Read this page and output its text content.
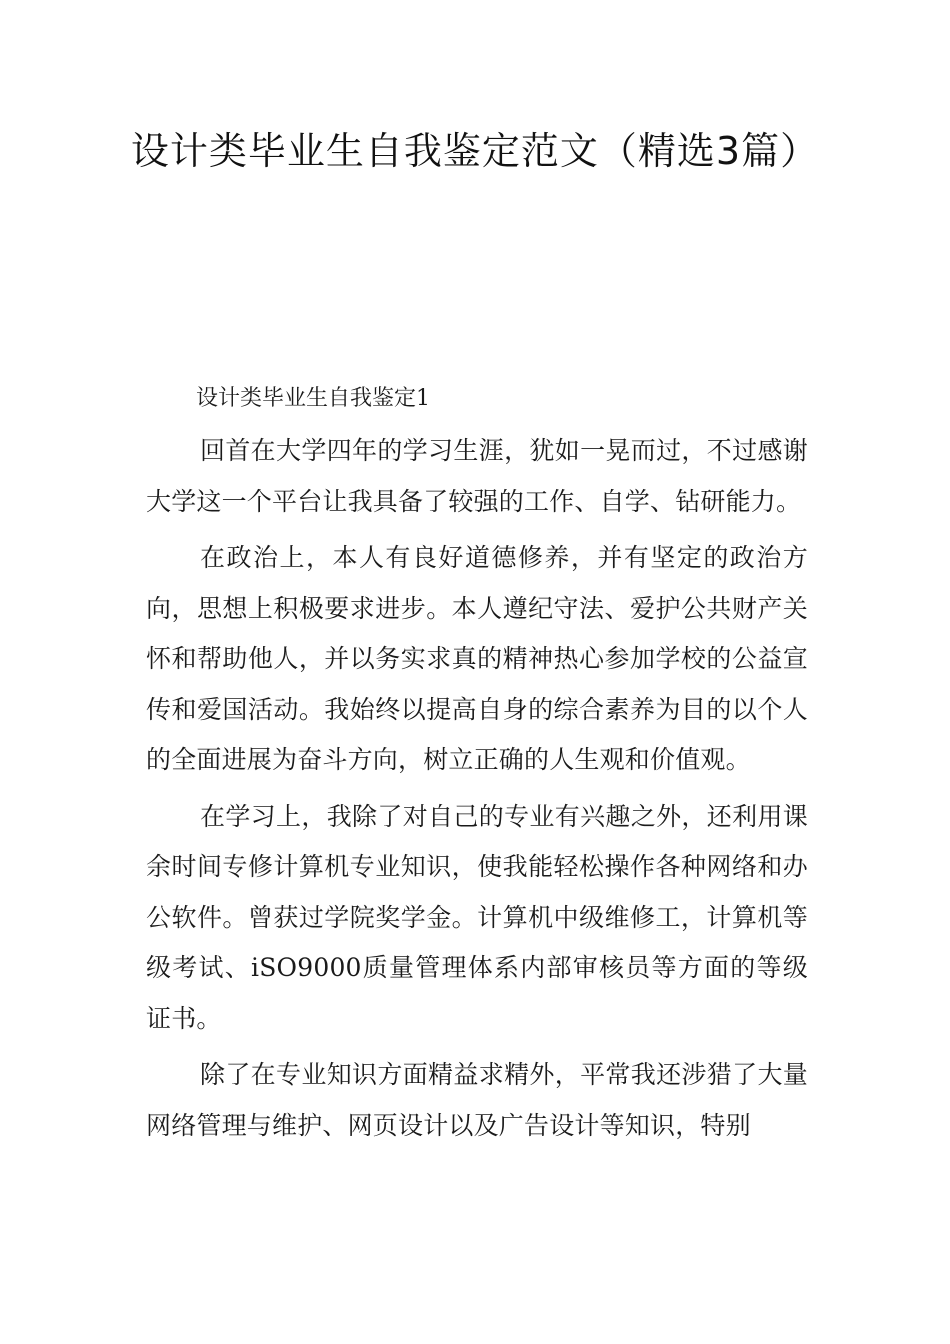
设计类毕业生自我鉴定范文（精选3篇）

设计类毕业生自我鉴定1

回首在大学四年的学习生涯，犹如一晃而过，不过感谢大学这一个平台让我具备了较强的工作、自学、钻研能力。

在政治上，本人有良好道德修养，并有坚定的政治方向，思想上积极要求进步。本人遵纪守法、爱护公共财产关怀和帮助他人，并以务实求真的精神热心参加学校的公益宣传和爱国活动。我始终以提高自身的综合素养为目的以个人的全面进展为奋斗方向，树立正确的人生观和价值观。

在学习上，我除了对自己的专业有兴趣之外，还利用课余时间专修计算机专业知识，使我能轻松操作各种网络和办公软件。曾获过学院奖学金。计算机中级维修工，计算机等级考试、iSO9000质量管理体系内部审核员等方面的等级证书。

除了在专业知识方面精益求精外，平常我还涉猎了大量网络管理与维护、网页设计以及广告设计等知识，特别
